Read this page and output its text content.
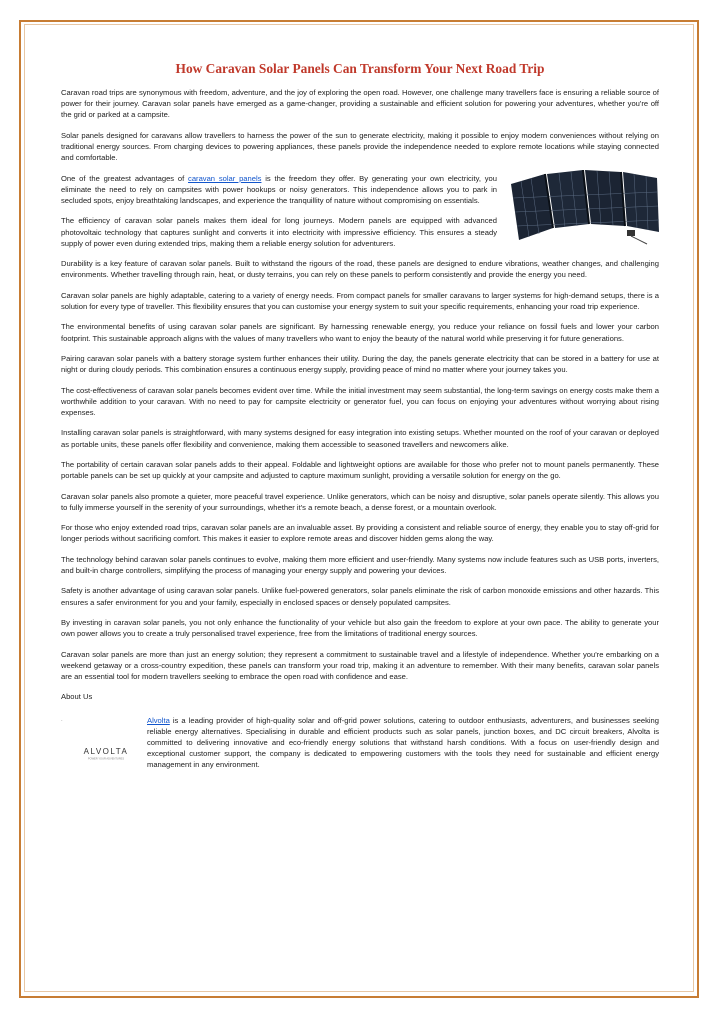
How Caravan Solar Panels Can Transform Your Next Road Trip

Caravan road trips are synonymous with freedom, adventure, and the joy of exploring the open road. However, one challenge many travellers face is ensuring a reliable source of power for their journey. Caravan solar panels have emerged as a game-changer, providing a sustainable and efficient solution for powering your adventures, whether you're off the grid or parked at a campsite.

Solar panels designed for caravans allow travellers to harness the power of the sun to generate electricity, making it possible to enjoy modern conveniences without relying on traditional energy sources. From charging devices to powering appliances, these panels provide the independence needed to explore remote locations while staying connected and comfortable.

One of the greatest advantages of caravan solar panels is the freedom they offer. By generating your own electricity, you eliminate the need to rely on campsites with power hookups or noisy generators. This independence allows you to park in secluded spots, enjoy breathtaking landscapes, and experience the tranquillity of nature without compromising on essentials.

The efficiency of caravan solar panels makes them ideal for long journeys. Modern panels are equipped with advanced photovoltaic technology that captures sunlight and converts it into electricity with impressive efficiency. This ensures a steady supply of power even during extended trips, making them a reliable energy solution for adventurers.

Durability is a key feature of caravan solar panels. Built to withstand the rigours of the road, these panels are designed to endure vibrations, weather changes, and challenging environments. Whether travelling through rain, heat, or dusty terrains, you can rely on these panels to perform consistently and provide the energy you need.

Caravan solar panels are highly adaptable, catering to a variety of energy needs. From compact panels for smaller caravans to larger systems for high-demand setups, there is a solution for every type of traveller. This flexibility ensures that you can customise your energy system to suit your specific requirements, enhancing your road trip experience.

The environmental benefits of using caravan solar panels are significant. By harnessing renewable energy, you reduce your reliance on fossil fuels and lower your carbon footprint. This sustainable approach aligns with the values of many travellers who want to enjoy the beauty of the natural world while preserving it for future generations.

Pairing caravan solar panels with a battery storage system further enhances their utility. During the day, the panels generate electricity that can be stored in a battery for use at night or during cloudy periods. This combination ensures a continuous energy supply, providing peace of mind no matter where your journey takes you.

The cost-effectiveness of caravan solar panels becomes evident over time. While the initial investment may seem substantial, the long-term savings on energy costs make them a worthwhile addition to your caravan. With no need to pay for campsite electricity or generator fuel, you can focus on enjoying your adventures without worrying about rising expenses.

Installing caravan solar panels is straightforward, with many systems designed for easy integration into existing setups. Whether mounted on the roof of your caravan or deployed as portable units, these panels offer flexibility and convenience, making them accessible to seasoned travellers and newcomers alike.

The portability of certain caravan solar panels adds to their appeal. Foldable and lightweight options are available for those who prefer not to mount panels permanently. These portable panels can be set up quickly at your campsite and adjusted to capture maximum sunlight, providing a versatile solution for energy on the go.

Caravan solar panels also promote a quieter, more peaceful travel experience. Unlike generators, which can be noisy and disruptive, solar panels operate silently. This allows you to fully immerse yourself in the serenity of your surroundings, whether it's a remote beach, a dense forest, or a mountain overlook.

For those who enjoy extended road trips, caravan solar panels are an invaluable asset. By providing a consistent and reliable source of energy, they enable you to stay off-grid for longer periods without sacrificing comfort. This makes it easier to explore remote areas and discover hidden gems along the way.

The technology behind caravan solar panels continues to evolve, making them more efficient and user-friendly. Many systems now include features such as USB ports, inverters, and built-in charge controllers, simplifying the process of managing your energy supply and powering your devices.

Safety is another advantage of using caravan solar panels. Unlike fuel-powered generators, solar panels eliminate the risk of carbon monoxide emissions and other hazards. This ensures a safer environment for you and your family, especially in enclosed spaces or densely populated campsites.

By investing in caravan solar panels, you not only enhance the functionality of your vehicle but also gain the freedom to explore at your own pace. The ability to generate your own power allows you to create a truly personalised travel experience, free from the limitations of traditional energy sources.

Caravan solar panels are more than just an energy solution; they represent a commitment to sustainable travel and a lifestyle of independence. Whether you're embarking on a weekend getaway or a cross-country expedition, these panels can transform your road trip, making it an adventure to remember. With their many benefits, caravan solar panels are an essential tool for modern travellers seeking to embrace the open road with confidence and ease.

About Us

.
ALVOLTA
POWER YOUR ADVENTURES

Alvolta is a leading provider of high-quality solar and off-grid power solutions, catering to outdoor enthusiasts, adventurers, and businesses seeking reliable energy alternatives. Specialising in durable and efficient products such as solar panels, junction boxes, and DC circuit breakers, Alvolta is committed to delivering innovative and eco-friendly energy solutions that withstand harsh conditions. With a focus on user-friendly design and exceptional customer support, the company is dedicated to empowering customers with the tools they need for sustainable and efficient energy management in any environment.
